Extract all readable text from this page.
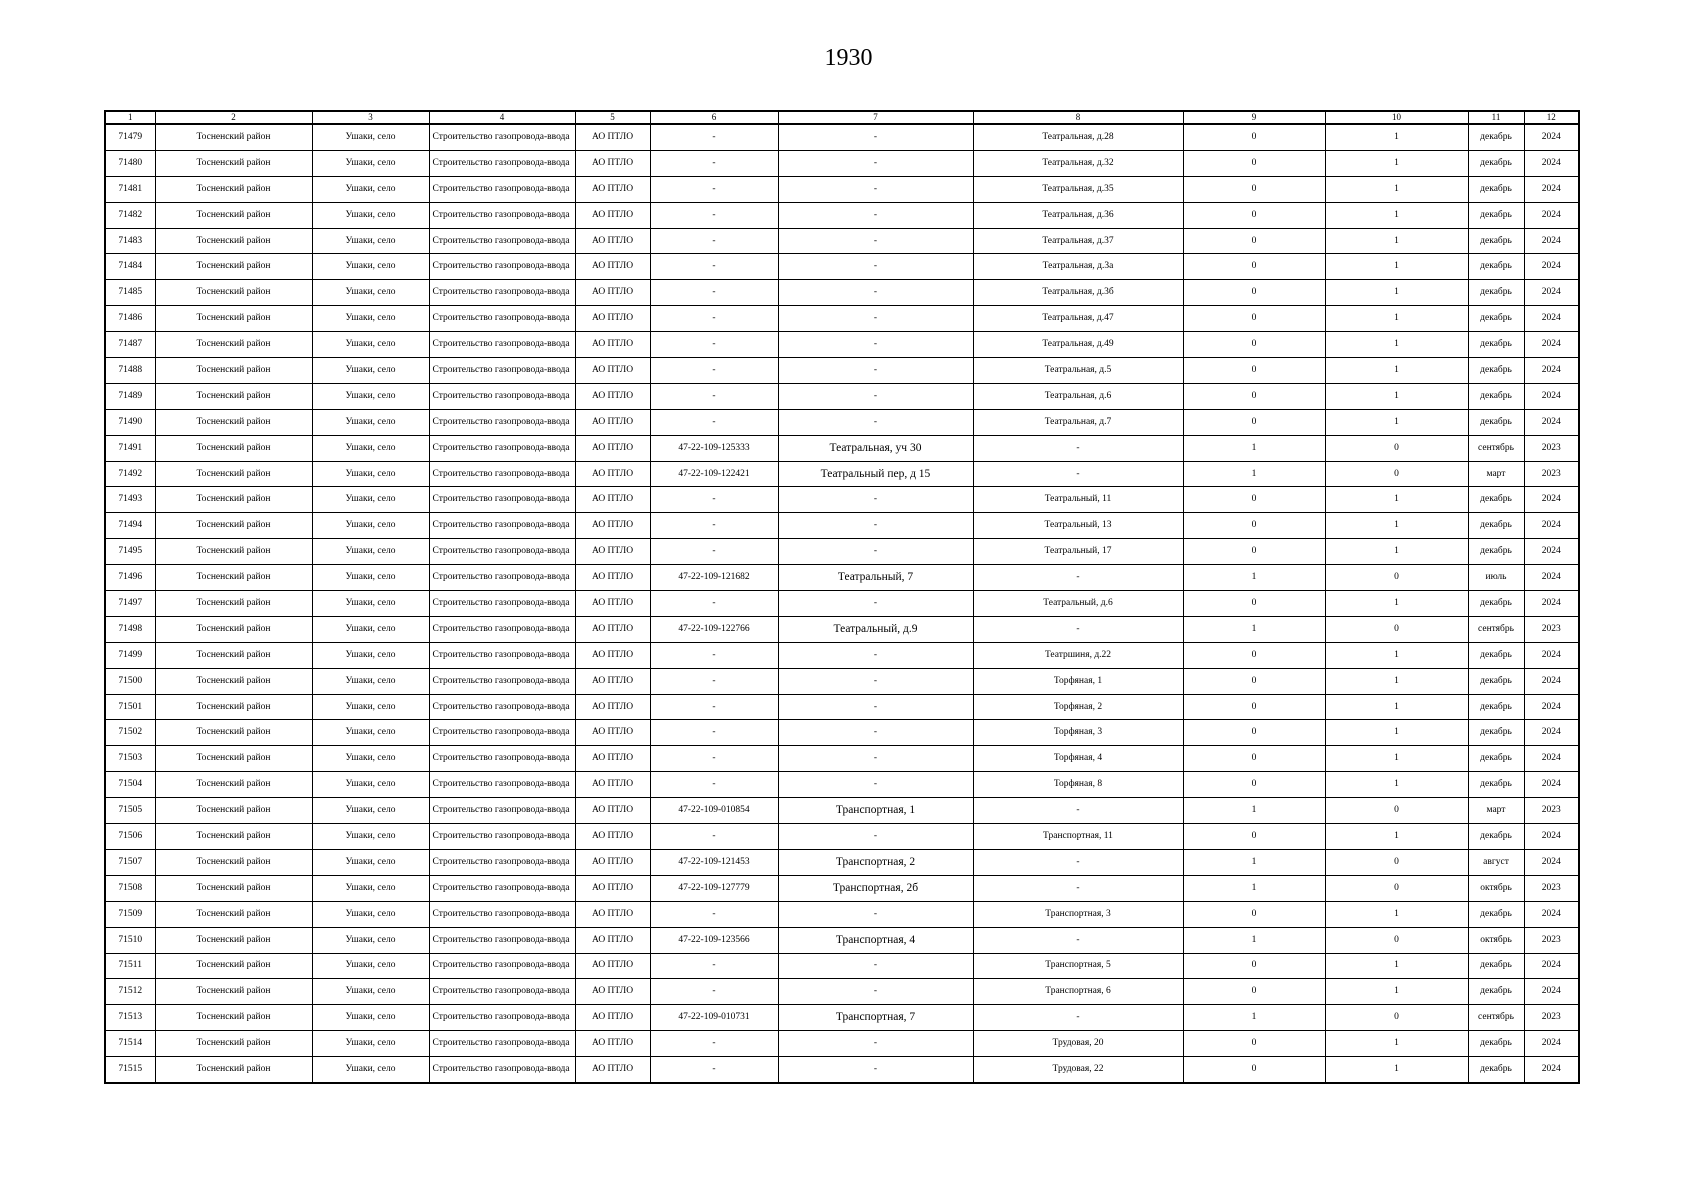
1930
1	2	3	4	5	6	7	8	9	10	11	12
71479	Тосненский район	Ушаки, село	Строительство газопровода-ввода	АО ПТЛО	-	-	Театральная, д.28	0	1	декабрь	2024
71480	Тосненский район	Ушаки, село	Строительство газопровода-ввода	АО ПТЛО	-	-	Театральная, д.32	0	1	декабрь	2024
71481	Тосненский район	Ушаки, село	Строительство газопровода-ввода	АО ПТЛО	-	-	Театральная, д.35	0	1	декабрь	2024
71482	Тосненский район	Ушаки, село	Строительство газопровода-ввода	АО ПТЛО	-	-	Театральная, д.36	0	1	декабрь	2024
71483	Тосненский район	Ушаки, село	Строительство газопровода-ввода	АО ПТЛО	-	-	Театральная, д.37	0	1	декабрь	2024
71484	Тосненский район	Ушаки, село	Строительство газопровода-ввода	АО ПТЛО	-	-	Театральная, д.3а	0	1	декабрь	2024
71485	Тосненский район	Ушаки, село	Строительство газопровода-ввода	АО ПТЛО	-	-	Театральная, д.3б	0	1	декабрь	2024
71486	Тосненский район	Ушаки, село	Строительство газопровода-ввода	АО ПТЛО	-	-	Театральная, д.47	0	1	декабрь	2024
71487	Тосненский район	Ушаки, село	Строительство газопровода-ввода	АО ПТЛО	-	-	Театральная, д.49	0	1	декабрь	2024
71488	Тосненский район	Ушаки, село	Строительство газопровода-ввода	АО ПТЛО	-	-	Театральная, д.5	0	1	декабрь	2024
71489	Тосненский район	Ушаки, село	Строительство газопровода-ввода	АО ПТЛО	-	-	Театральная, д.6	0	1	декабрь	2024
71490	Тосненский район	Ушаки, село	Строительство газопровода-ввода	АО ПТЛО	-	-	Театральная, д.7	0	1	декабрь	2024
71491	Тосненский район	Ушаки, село	Строительство газопровода-ввода	АО ПТЛО	47-22-109-125333	Театральная, уч 30	-	1	0	сентябрь	2023
71492	Тосненский район	Ушаки, село	Строительство газопровода-ввода	АО ПТЛО	47-22-109-122421	Театральный пер, д 15	-	1	0	март	2023
71493	Тосненский район	Ушаки, село	Строительство газопровода-ввода	АО ПТЛО	-	-	Театральный, 11	0	1	декабрь	2024
71494	Тосненский район	Ушаки, село	Строительство газопровода-ввода	АО ПТЛО	-	-	Театральный, 13	0	1	декабрь	2024
71495	Тосненский район	Ушаки, село	Строительство газопровода-ввода	АО ПТЛО	-	-	Театральный, 17	0	1	декабрь	2024
71496	Тосненский район	Ушаки, село	Строительство газопровода-ввода	АО ПТЛО	47-22-109-121682	Театральный, 7	-	1	0	июль	2024
71497	Тосненский район	Ушаки, село	Строительство газопровода-ввода	АО ПТЛО	-	-	Театральный, д.6	0	1	декабрь	2024
71498	Тосненский район	Ушаки, село	Строительство газопровода-ввода	АО ПТЛО	47-22-109-122766	Театральный, д.9	-	1	0	сентябрь	2023
71499	Тосненский район	Ушаки, село	Строительство газопровода-ввода	АО ПТЛО	-	-	Театршиня, д.22	0	1	декабрь	2024
71500	Тосненский район	Ушаки, село	Строительство газопровода-ввода	АО ПТЛО	-	-	Торфяная, 1	0	1	декабрь	2024
71501	Тосненский район	Ушаки, село	Строительство газопровода-ввода	АО ПТЛО	-	-	Торфяная, 2	0	1	декабрь	2024
71502	Тосненский район	Ушаки, село	Строительство газопровода-ввода	АО ПТЛО	-	-	Торфяная, 3	0	1	декабрь	2024
71503	Тосненский район	Ушаки, село	Строительство газопровода-ввода	АО ПТЛО	-	-	Торфяная, 4	0	1	декабрь	2024
71504	Тосненский район	Ушаки, село	Строительство газопровода-ввода	АО ПТЛО	-	-	Торфяная, 8	0	1	декабрь	2024
71505	Тосненский район	Ушаки, село	Строительство газопровода-ввода	АО ПТЛО	47-22-109-010854	Транспортная, 1	-	1	0	март	2023
71506	Тосненский район	Ушаки, село	Строительство газопровода-ввода	АО ПТЛО	-	-	Транспортная, 11	0	1	декабрь	2024
71507	Тосненский район	Ушаки, село	Строительство газопровода-ввода	АО ПТЛО	47-22-109-121453	Транспортная, 2	-	1	0	август	2024
71508	Тосненский район	Ушаки, село	Строительство газопровода-ввода	АО ПТЛО	47-22-109-127779	Транспортная, 2б	-	1	0	октябрь	2023
71509	Тосненский район	Ушаки, село	Строительство газопровода-ввода	АО ПТЛО	-	-	Транспортная, 3	0	1	декабрь	2024
71510	Тосненский район	Ушаки, село	Строительство газопровода-ввода	АО ПТЛО	47-22-109-123566	Транспортная, 4	-	1	0	октябрь	2023
71511	Тосненский район	Ушаки, село	Строительство газопровода-ввода	АО ПТЛО	-	-	Транспортная, 5	0	1	декабрь	2024
71512	Тосненский район	Ушаки, село	Строительство газопровода-ввода	АО ПТЛО	-	-	Транспортная, 6	0	1	декабрь	2024
71513	Тосненский район	Ушаки, село	Строительство газопровода-ввода	АО ПТЛО	47-22-109-010731	Транспортная, 7	-	1	0	сентябрь	2023
71514	Тосненский район	Ушаки, село	Строительство газопровода-ввода	АО ПТЛО	-	-	Трудовая, 20	0	1	декабрь	2024
71515	Тосненский район	Ушаки, село	Строительство газопровода-ввода	АО ПТЛО	-	-	Трудовая, 22	0	1	декабрь	2024
